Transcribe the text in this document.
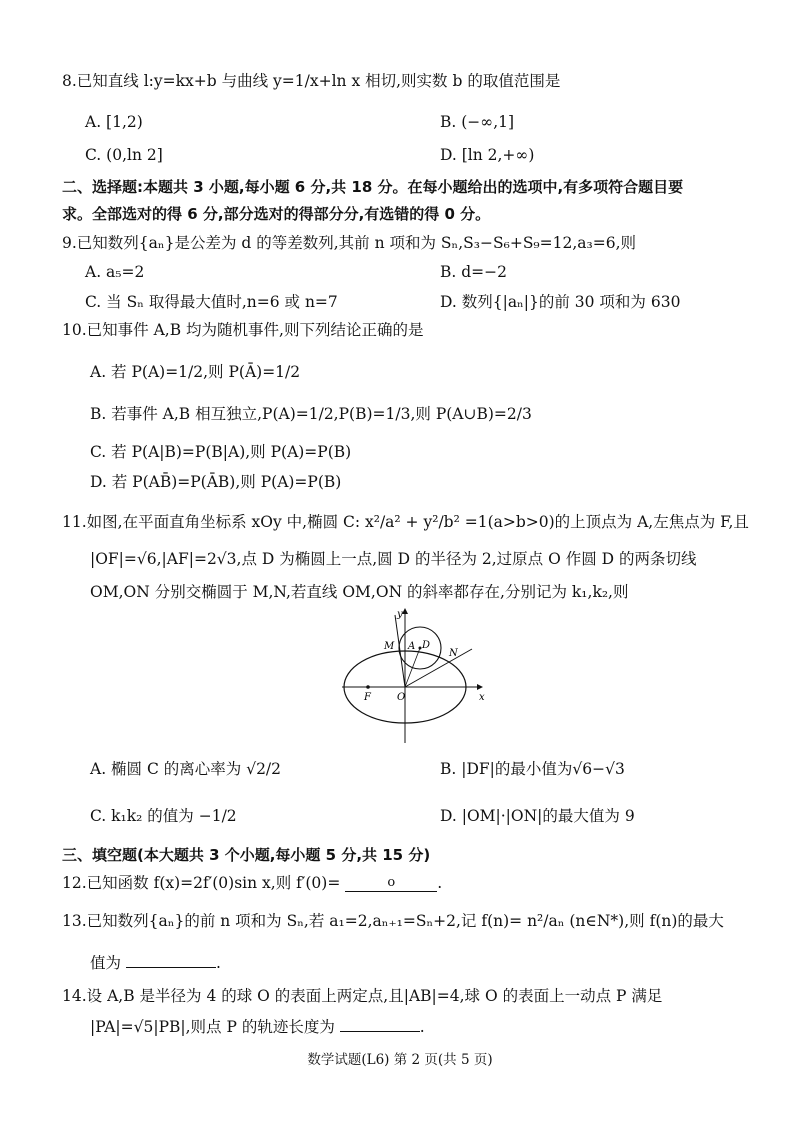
8.已知直线 l:y=kx+b 与曲线 y=1/x+ln x 相切,则实数 b 的取值范围是
A. [1,2)	B. (−∞,1]
C. (0,ln 2]	D. [ln 2,+∞)
二、选择题:本题共 3 小题,每小题 6 分,共 18 分。在每小题给出的选项中,有多项符合题目要
求。全部选对的得 6 分,部分选对的得部分分,有选错的得 0 分。
9.已知数列{aₙ}是公差为 d 的等差数列,其前 n 项和为 Sₙ,S₃−S₆+S₉=12,a₃=6,则
A. a₅=2	B. d=−2
C. 当 Sₙ 取得最大值时,n=6 或 n=7	D. 数列{|aₙ|}的前 30 项和为 630
10.已知事件 A,B 均为随机事件,则下列结论正确的是
A. 若 P(A)=1/2,则 P(Ā)=1/2
B. 若事件 A,B 相互独立,P(A)=1/2,P(B)=1/3,则 P(A∪B)=2/3
C. 若 P(A|B)=P(B|A),则 P(A)=P(B)
D. 若 P(AB̄)=P(ĀB),则 P(A)=P(B)
11.如图,在平面直角坐标系 xOy 中,椭圆 C: x²/a² + y²/b² =1(a>b>0)的上顶点为 A,左焦点为 F,且
|OF|=√6,|AF|=2√3,点 D 为椭圆上一点,圆 D 的半径为 2,过原点 O 作圆 D 的两条切线
OM,ON 分别交椭圆于 M,N,若直线 OM,ON 的斜率都存在,分别记为 k₁,k₂,则
y
x
O
F
M A D
N
A. 椭圆 C 的离心率为 √2/2	B. |DF|的最小值为√6−√3
C. k₁k₂ 的值为 −1/2	D. |OM|·|ON|的最大值为 9
三、填空题(本大题共 3 个小题,每小题 5 分,共 15 分)
12.已知函数 f(x)=2f′(0)sin x,则 f′(0)=	o	.
13.已知数列{aₙ}的前 n 项和为 Sₙ,若 a₁=2,aₙ₊₁=Sₙ+2,记 f(n)= n²/aₙ (n∈N*),则 f(n)的最大
值为	.
14.设 A,B 是半径为 4 的球 O 的表面上两定点,且|AB|=4,球 O 的表面上一动点 P 满足
|PA|=√5|PB|,则点 P 的轨迹长度为	.
数学试题(L6) 第 2 页(共 5 页)
